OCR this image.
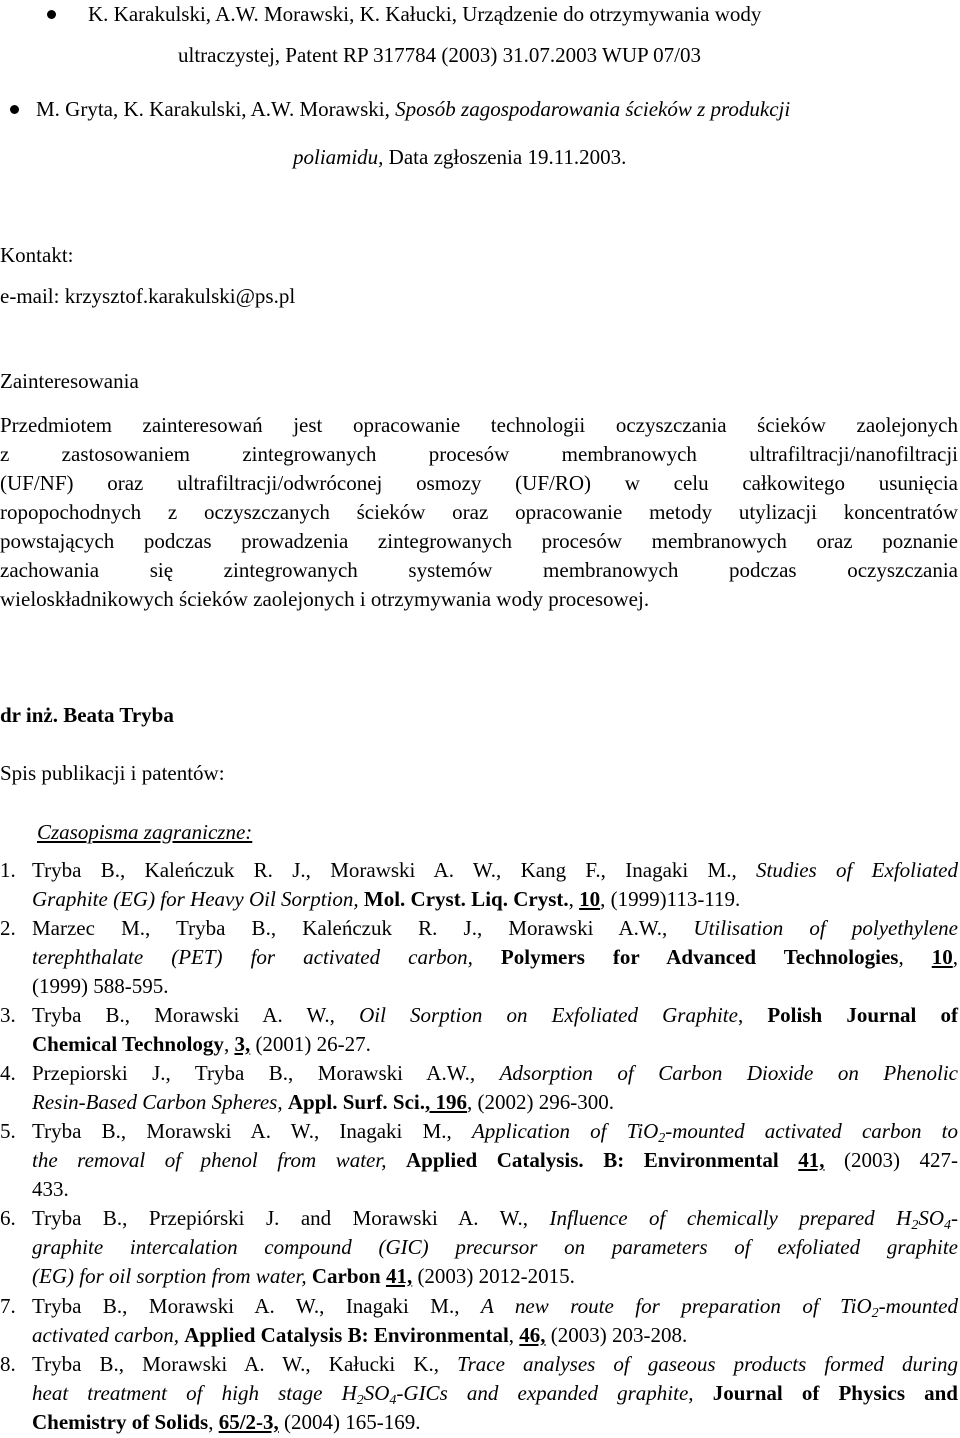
K. Karakulski, A.W. Morawski, K. Kałucki, Urządzenie do otrzymywania wody
ultraczystej, Patent RP 317784 (2003) 31.07.2003 WUP 07/03
M. Gryta, K. Karakulski, A.W. Morawski, Sposób zagospodarowania ścieków z produkcji
poliamidu, Data zgłoszenia 19.11.2003.
Kontakt:
e-mail: krzysztof.karakulski@ps.pl
Zainteresowania
Przedmiotem zainteresowań jest opracowanie technologii oczyszczania ścieków zaolejonych
z zastosowaniem zintegrowanych procesów membranowych ultrafiltracji/nanofiltracji
(UF/NF) oraz ultrafiltracji/odwróconej osmozy (UF/RO) w celu całkowitego usunięcia
ropopochodnych z oczyszczanych ścieków oraz opracowanie metody utylizacji koncentratów
powstających podczas prowadzenia zintegrowanych procesów membranowych oraz poznanie
zachowania się zintegrowanych systemów membranowych podczas oczyszczania
wieloskładnikowych ścieków zaolejonych i otrzymywania wody procesowej.
dr inż. Beata Tryba
Spis publikacji i patentów:
Czasopisma zagraniczne:
1. Tryba B., Kaleńczuk R. J., Morawski A. W., Kang F., Inagaki M., Studies of Exfoliated
Graphite (EG) for Heavy Oil Sorption, Mol. Cryst. Liq. Cryst., 10, (1999)113-119.
2. Marzec M., Tryba B., Kaleńczuk R. J., Morawski A.W., Utilisation of polyethylene
terephthalate (PET) for activated carbon, Polymers for Advanced Technologies, 10,
(1999) 588-595.
3. Tryba B., Morawski A. W., Oil Sorption on Exfoliated Graphite, Polish Journal of
Chemical Technology, 3, (2001) 26-27.
4. Przepiorski J., Tryba B., Morawski A.W., Adsorption of Carbon Dioxide on Phenolic
Resin-Based Carbon Spheres, Appl. Surf. Sci., 196, (2002) 296-300.
5. Tryba B., Morawski A. W., Inagaki M., Application of TiO$_2$-mounted activated carbon to
the removal of phenol from water, Applied Catalysis. B: Environmental 41, (2003) 427-
433.
6. Tryba B., Przepiórski J. and Morawski A. W., Influence of chemically prepared $H_2SO_4-$
graphite intercalation compound (GIC) precursor on parameters of exfoliated graphite
(EG) for oil sorption from water, Carbon 41, (2003) 2012-2015.
7. Tryba B., Morawski A. W., Inagaki M., A new route for preparation of TiO$_2$-mounted
activated carbon, Applied Catalysis B: Environmental, 46, (2003) 203-208.
8. Tryba B., Morawski A. W., Kałucki K., Trace analyses of gaseous products formed during
heat treatment of high stage $H_2SO_4$-GICs and expanded graphite, Journal of Physics and
Chemistry of Solids, 65/2-3, (2004) 165-169.
